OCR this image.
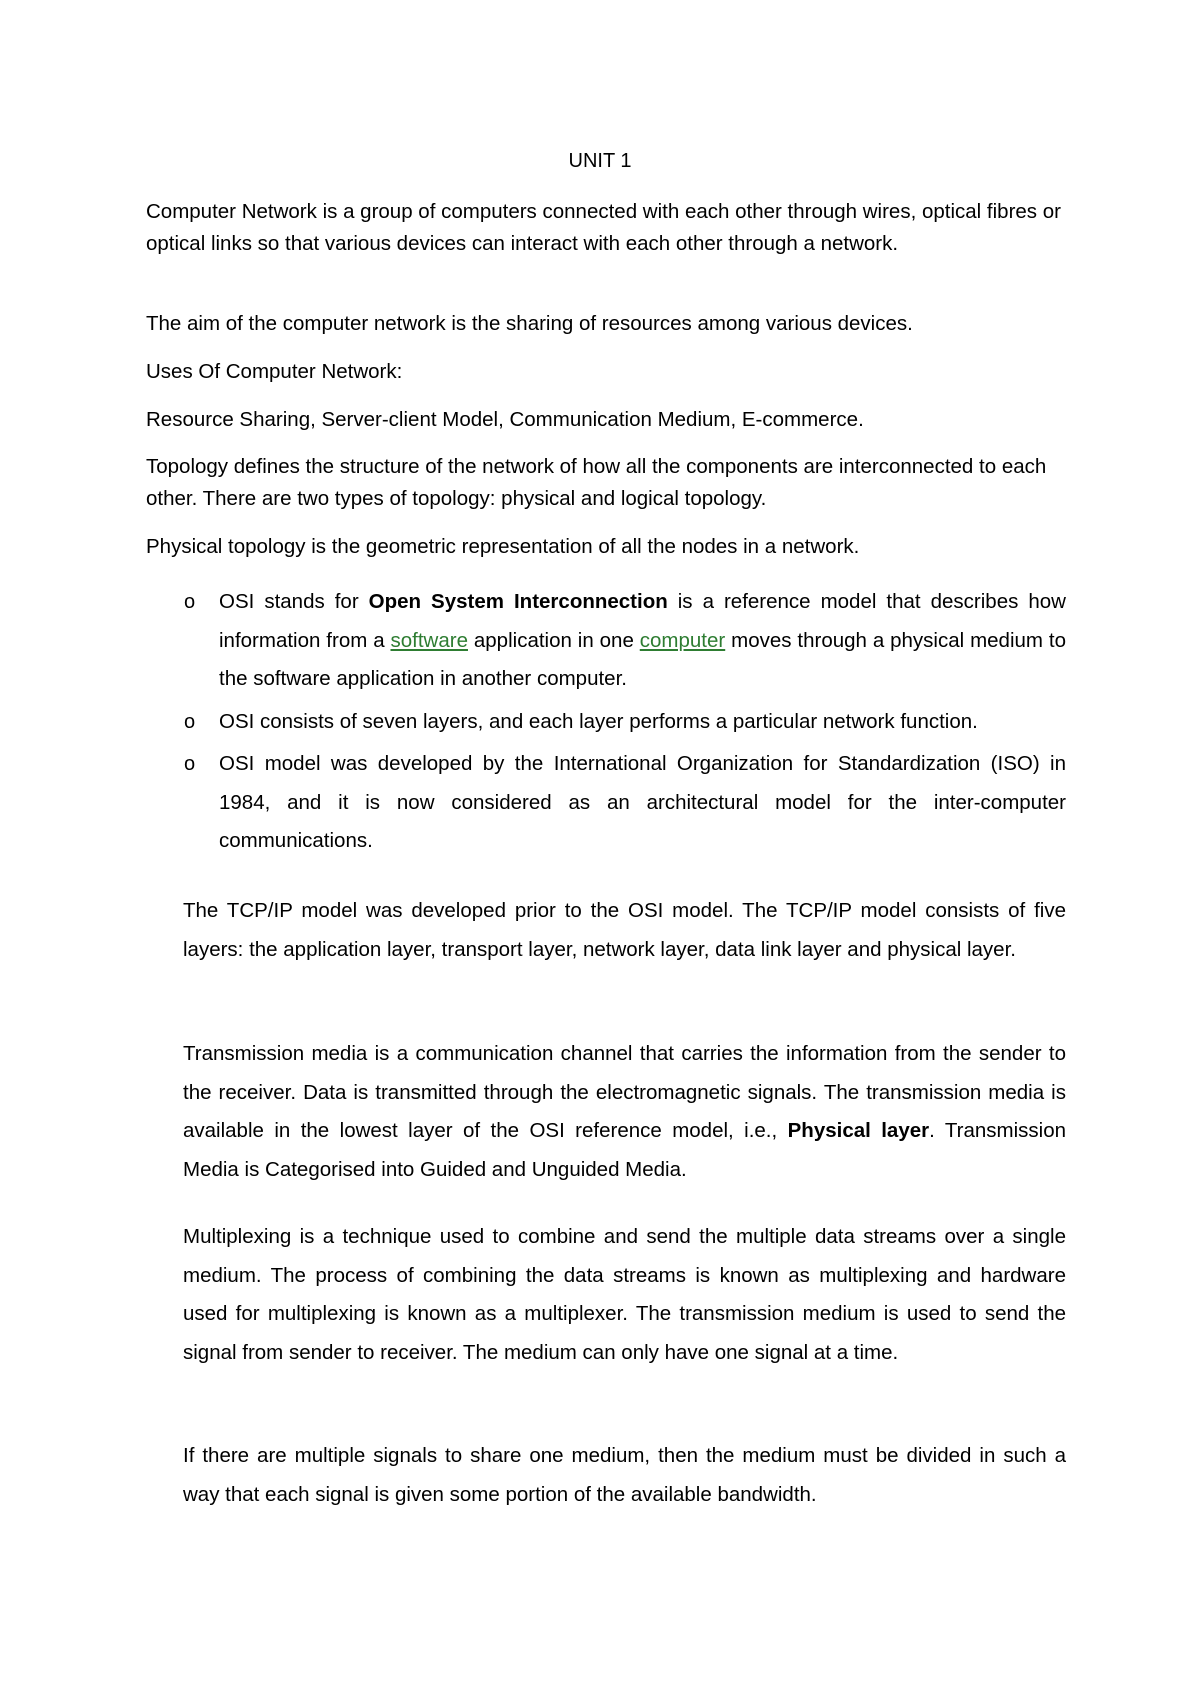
UNIT 1

Computer Network is a group of computers connected with each other through wires, optical fibres or optical links so that various devices can interact with each other through a network.

The aim of the computer network is the sharing of resources among various devices.

Uses Of Computer Network:

Resource Sharing, Server-client Model, Communication Medium, E-commerce.

Topology defines the structure of the network of how all the components are interconnected to each other. There are two types of topology: physical and logical topology.

Physical topology is the geometric representation of all the nodes in a network.

o OSI stands for Open System Interconnection is a reference model that describes how information from a software application in one computer moves through a physical medium to the software application in another computer.
o OSI consists of seven layers, and each layer performs a particular network function.
o OSI model was developed by the International Organization for Standardization (ISO) in 1984, and it is now considered as an architectural model for the inter-computer communications.

The TCP/IP model was developed prior to the OSI model. The TCP/IP model consists of five layers: the application layer, transport layer, network layer, data link layer and physical layer.

Transmission media is a communication channel that carries the information from the sender to the receiver. Data is transmitted through the electromagnetic signals. The transmission media is available in the lowest layer of the OSI reference model, i.e., Physical layer. Transmission Media is Categorised into Guided and Unguided Media.

Multiplexing is a technique used to combine and send the multiple data streams over a single medium. The process of combining the data streams is known as multiplexing and hardware used for multiplexing is known as a multiplexer. The transmission medium is used to send the signal from sender to receiver. The medium can only have one signal at a time.

If there are multiple signals to share one medium, then the medium must be divided in such a way that each signal is given some portion of the available bandwidth.
